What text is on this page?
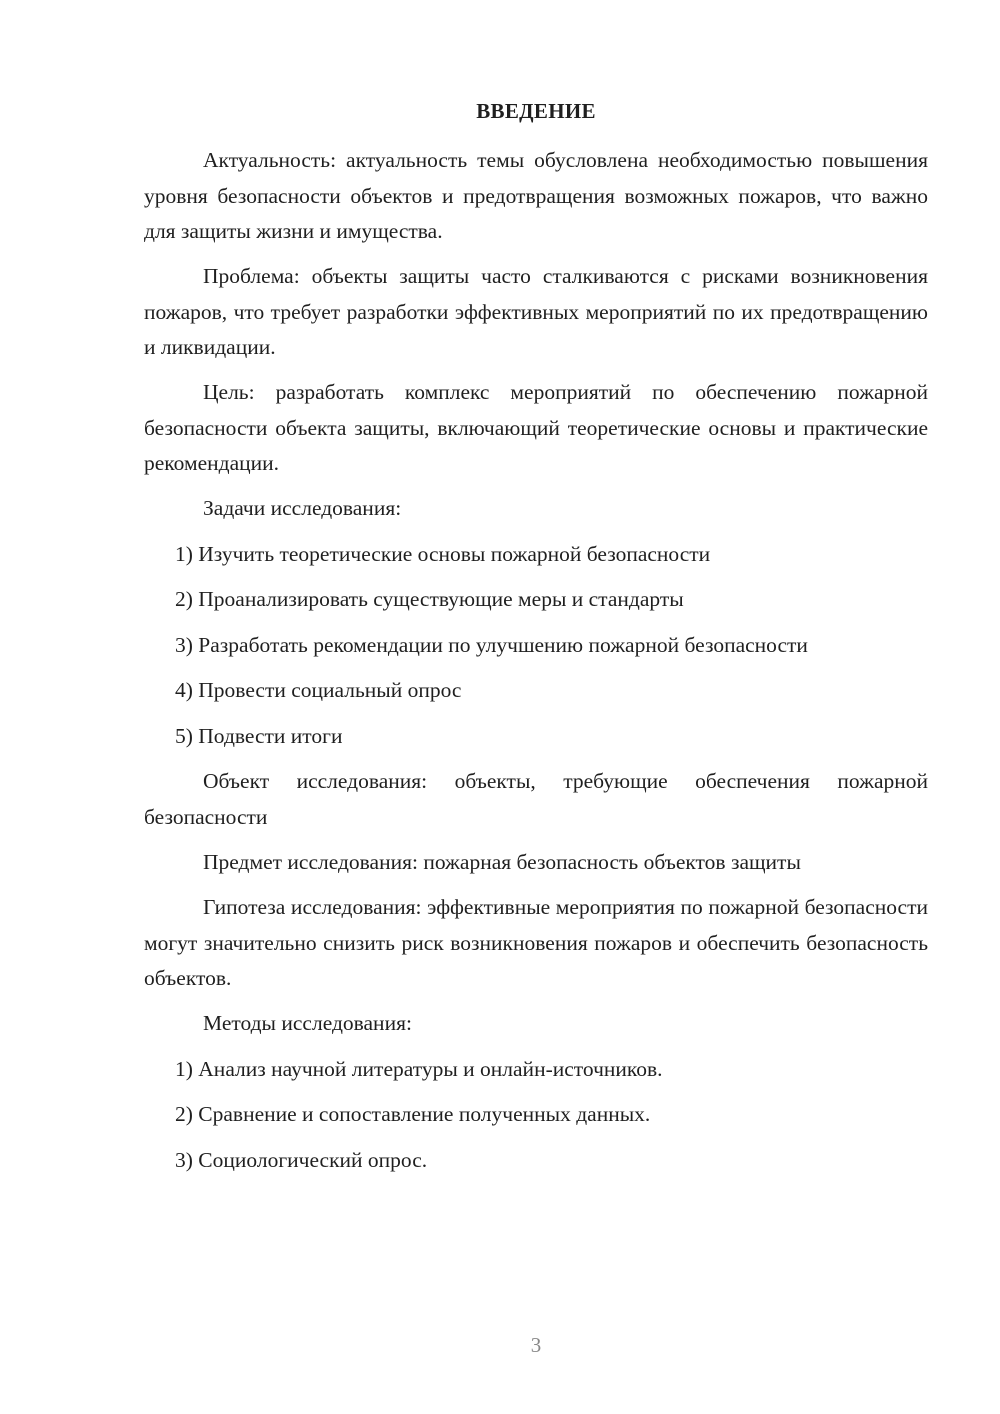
ВВЕДЕНИЕ

Актуальность: актуальность темы обусловлена необходимостью повышения уровня безопасности объектов и предотвращения возможных пожаров, что важно для защиты жизни и имущества.

Проблема: объекты защиты часто сталкиваются с рисками возникновения пожаров, что требует разработки эффективных мероприятий по их предотвращению и ликвидации.

Цель: разработать комплекс мероприятий по обеспечению пожарной безопасности объекта защиты, включающий теоретические основы и практические рекомендации.

Задачи исследования:

1) Изучить теоретические основы пожарной безопасности

2) Проанализировать существующие меры и стандарты

3) Разработать рекомендации по улучшению пожарной безопасности

4) Провести социальный опрос

5) Подвести итоги

Объект исследования: объекты, требующие обеспечения пожарной безопасности

Предмет исследования: пожарная безопасность объектов защиты

Гипотеза исследования: эффективные мероприятия по пожарной безопасности могут значительно снизить риск возникновения пожаров и обеспечить безопасность объектов.

Методы исследования:

1) Анализ научной литературы и онлайн-источников.

2) Сравнение и сопоставление полученных данных.

3) Социологический опрос.

3
